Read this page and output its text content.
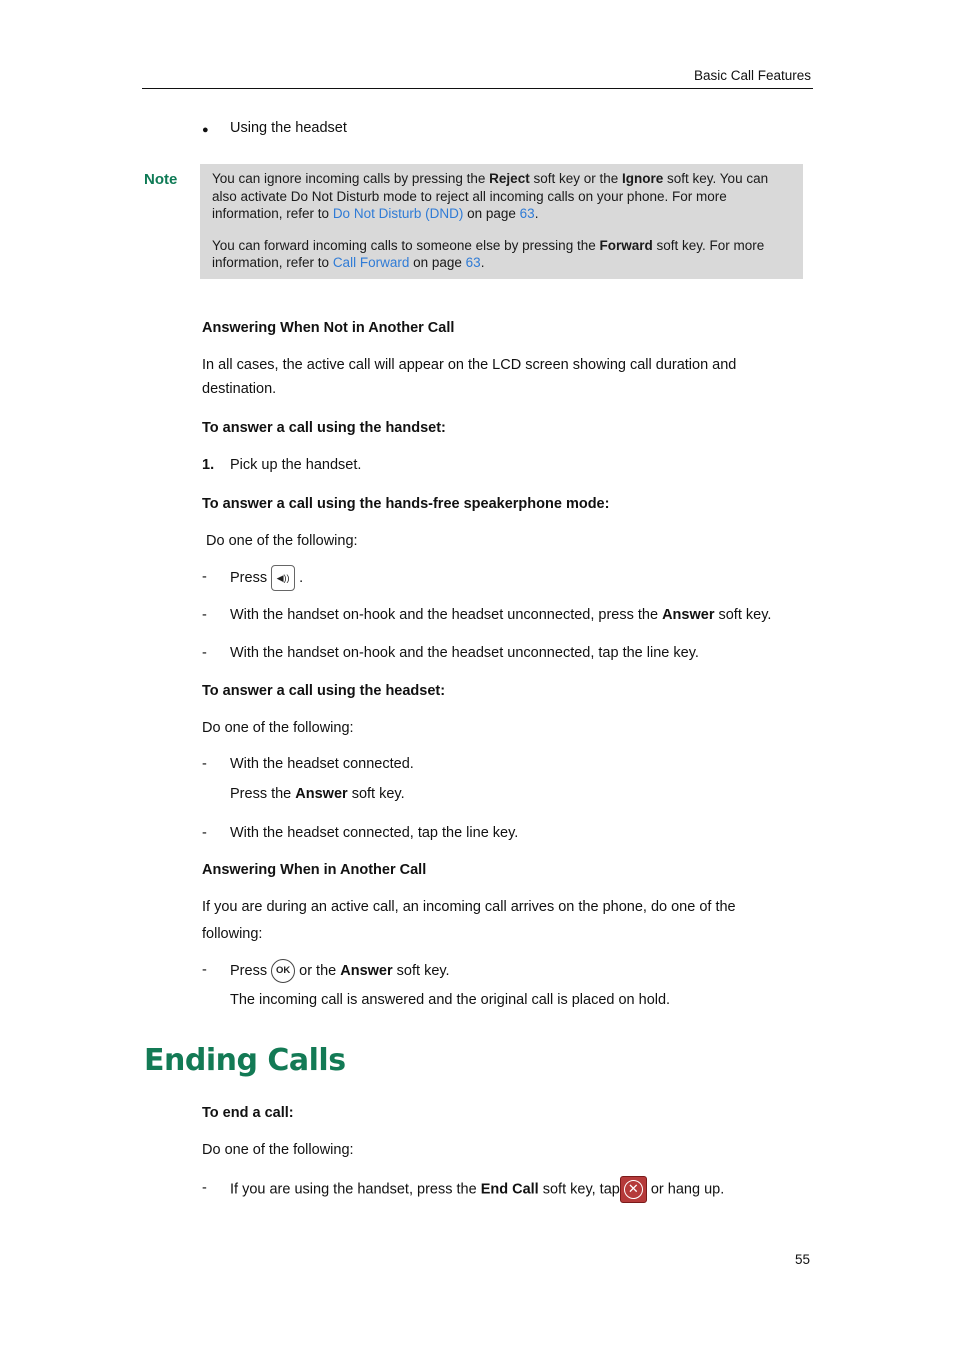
Basic Call Features
● Using the headset
Note	You can ignore incoming calls by pressing the Reject soft key or the Ignore soft key. You can also activate Do Not Disturb mode to reject all incoming calls on your phone. For more information, refer to Do Not Disturb (DND) on page 63.

You can forward incoming calls to someone else by pressing the Forward soft key. For more information, refer to Call Forward on page 63.

Answering When Not in Another Call
In all cases, the active call will appear on the LCD screen showing call duration and
destination.
To answer a call using the handset:
1. Pick up the handset.
To answer a call using the hands-free speakerphone mode:
Do one of the following:
- Press ◀)) .
- With the handset on-hook and the headset unconnected, press the Answer soft key.
- With the handset on-hook and the headset unconnected, tap the line key.
To answer a call using the headset:
Do one of the following:
- With the headset connected.
Press the Answer soft key.
- With the headset connected, tap the line key.
Answering When in Another Call
If you are during an active call, an incoming call arrives on the phone, do one of the
following:
- Press OK or the Answer soft key.
The incoming call is answered and the original call is placed on hold.
Ending Calls
To end a call:
Do one of the following:
- If you are using the handset, press the End Call soft key, tap ✕ or hang up.
55
